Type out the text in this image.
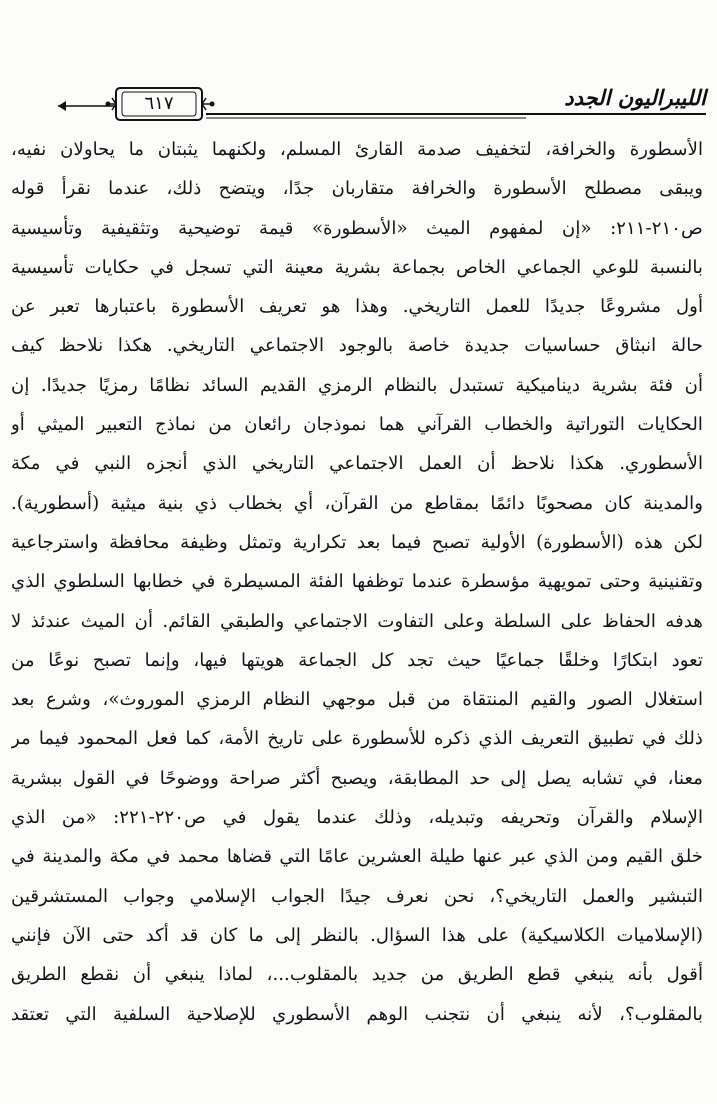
٦١٧	الليبراليون الجدد
الأسطورة والخرافة، لتخفيف صدمة القارئ المسلم، ولكنهما يثبتان ما يحاولان نفيه،
ويبقى مصطلح الأسطورة والخرافة متقاربان جدًا، ويتضح ذلك، عندما نقرأ قوله
ص٢١٠-٢١١: «إن لمفهوم الميث «الأسطورة» قيمة توضيحية وتثقيفية وتأسيسية
بالنسبة للوعي الجماعي الخاص بجماعة بشرية معينة التي تسجل في حكايات تأسيسية
أول مشروعًا جديدًا للعمل التاريخي. وهذا هو تعريف الأسطورة باعتبارها تعبر عن
حالة انبثاق حساسيات جديدة خاصة بالوجود الاجتماعي التاريخي. هكذا نلاحظ كيف
أن فئة بشرية ديناميكية تستبدل بالنظام الرمزي القديم السائد نظامًا رمزيًا جديدًا. إن
الحكايات التوراتية والخطاب القرآني هما نموذجان رائعان من نماذج التعبير الميثي أو
الأسطوري. هكذا نلاحظ أن العمل الاجتماعي التاريخي الذي أنجزه النبي في مكة
والمدينة كان مصحوبًا دائمًا بمقاطع من القرآن، أي بخطاب ذي بنية ميثية (أسطورية).
لكن هذه (الأسطورة) الأولية تصبح فيما بعد تكرارية وتمثل وظيفة محافظة واسترجاعية
وتقنينية وحتى تمويهية مؤسطرة عندما توظفها الفئة المسيطرة في خطابها السلطوي الذي
هدفه الحفاظ على السلطة وعلى التفاوت الاجتماعي والطبقي القائم. أن الميث عندئذ لا
تعود ابتكارًا وخلقًا جماعيًا حيث تجد كل الجماعة هويتها فيها، وإنما تصبح نوعًا من
استغلال الصور والقيم المنتقاة من قبل موجهي النظام الرمزي الموروث»، وشرع بعد
ذلك في تطبيق التعريف الذي ذكره للأسطورة على تاريخ الأمة، كما فعل المحمود فيما مر
معنا، في تشابه يصل إلى حد المطابقة، ويصبح أكثر صراحة ووضوحًا في القول ببشرية
الإسلام والقرآن وتحريفه وتبديله، وذلك عندما يقول في ص٢٢٠-٢٢١: «من الذي
خلق القيم ومن الذي عبر عنها طيلة العشرين عامًا التي قضاها محمد في مكة والمدينة في
التبشير والعمل التاريخي؟، نحن نعرف جيدًا الجواب الإسلامي وجواب المستشرقين
(الإسلاميات الكلاسيكية) على هذا السؤال. بالنظر إلى ما كان قد أكد حتى الآن فإنني
أقول بأنه ينبغي قطع الطريق من جديد بالمقلوب...، لماذا ينبغي أن نقطع الطريق
بالمقلوب؟، لأنه ينبغي أن نتجنب الوهم الأسطوري للإصلاحية السلفية التي تعتقد
